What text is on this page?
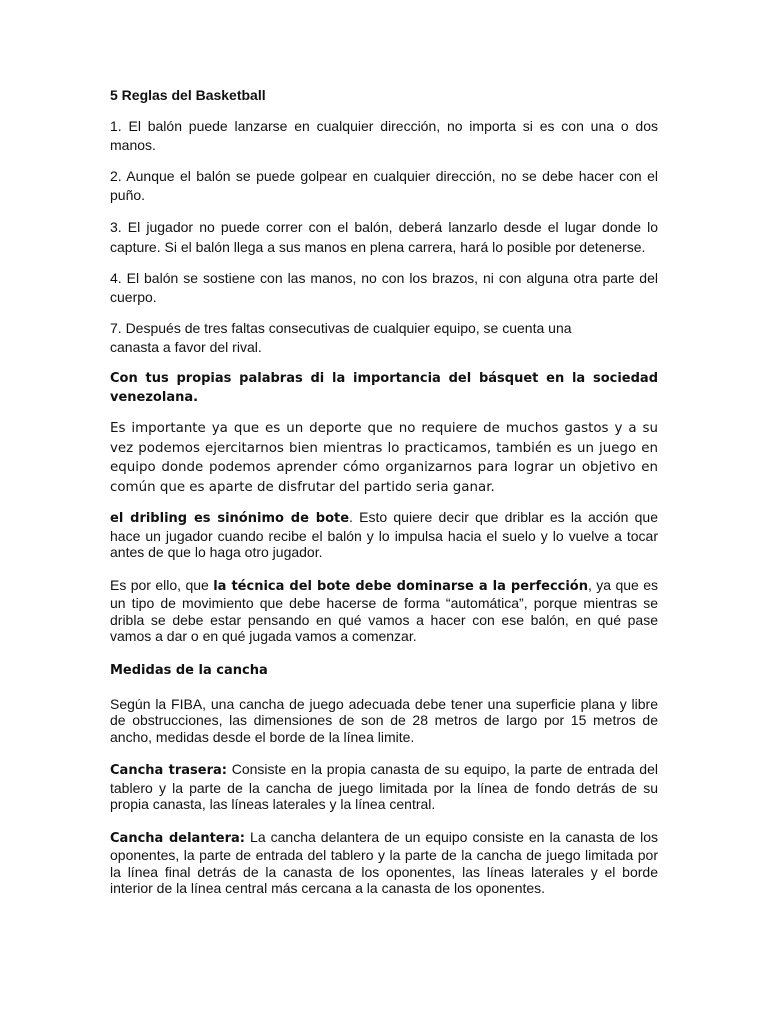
5 Reglas del Basketball

1. El balón puede lanzarse en cualquier dirección, no importa si es con una o dos manos.

2. Aunque el balón se puede golpear en cualquier dirección, no se debe hacer con el puño.

3. El jugador no puede correr con el balón, deberá lanzarlo desde el lugar donde lo capture. Si el balón llega a sus manos en plena carrera, hará lo posible por detenerse.

4. El balón se sostiene con las manos, no con los brazos, ni con alguna otra parte del cuerpo.

7. Después de tres faltas consecutivas de cualquier equipo, se cuenta una canasta a favor del rival.

Con tus propias palabras di la importancia del básquet en la sociedad venezolana.

Es importante ya que es un deporte que no requiere de muchos gastos y a su vez podemos ejercitarnos bien mientras lo practicamos, también es un juego en equipo donde podemos aprender cómo organizarnos para lograr un objetivo en común que es aparte de disfrutar del partido seria ganar.

el dribling es sinónimo de bote. Esto quiere decir que driblar es la acción que hace un jugador cuando recibe el balón y lo impulsa hacia el suelo y lo vuelve a tocar antes de que lo haga otro jugador.

Es por ello, que la técnica del bote debe dominarse a la perfección, ya que es un tipo de movimiento que debe hacerse de forma “automática”, porque mientras se dribla se debe estar pensando en qué vamos a hacer con ese balón, en qué pase vamos a dar o en qué jugada vamos a comenzar.

Medidas de la cancha

Según la FIBA, una cancha de juego adecuada debe tener una superficie plana y libre de obstrucciones, las dimensiones de son de 28 metros de largo por 15 metros de ancho, medidas desde el borde de la línea limite.

Cancha trasera: Consiste en la propia canasta de su equipo, la parte de entrada del tablero y la parte de la cancha de juego limitada por la línea de fondo detrás de su propia canasta, las líneas laterales y la línea central.

Cancha delantera: La cancha delantera de un equipo consiste en la canasta de los oponentes, la parte de entrada del tablero y la parte de la cancha de juego limitada por la línea final detrás de la canasta de los oponentes, las líneas laterales y el borde interior de la línea central más cercana a la canasta de los oponentes.
